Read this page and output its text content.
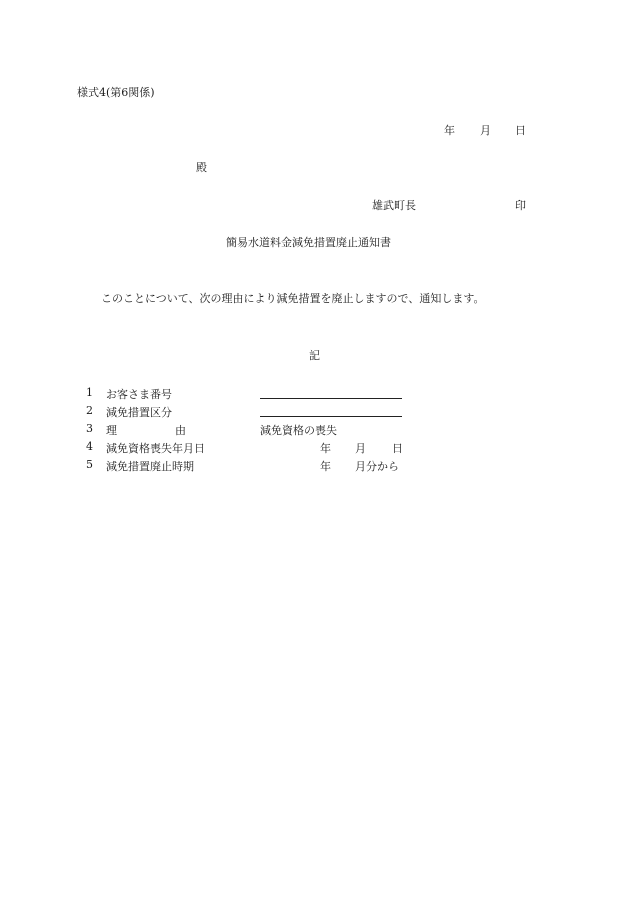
様式4(第6関係)
年 月 日
殿
雄武町長	印
簡易水道料金減免措置廃止通知書
このことについて、次の理由により減免措置を廃止しますので、通知します。
記
1 お客さま番号
2 減免措置区分
3 理	由	減免資格の喪失
4 減免資格喪失年月日	年 月 日
5 減免措置廃止時期	年 月分から
